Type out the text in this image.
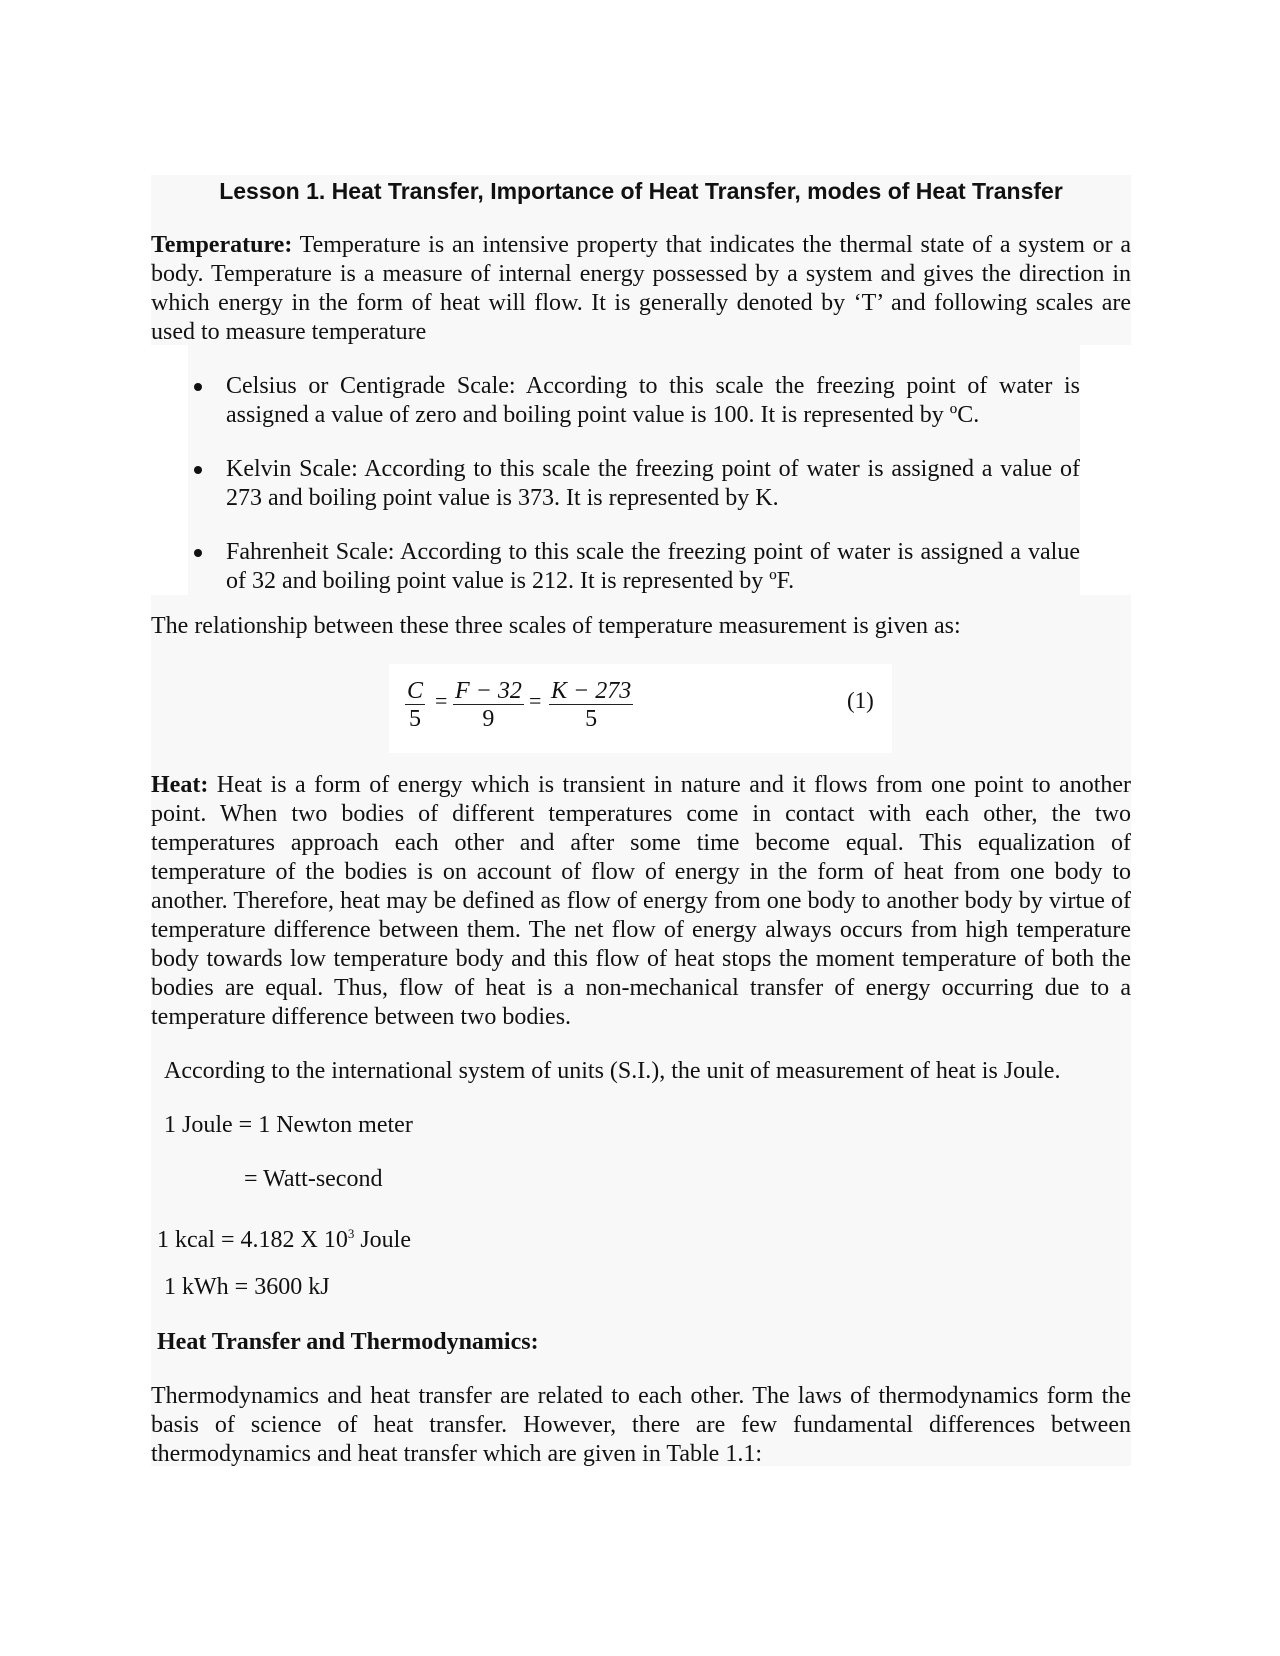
Lesson 1. Heat Transfer, Importance of Heat Transfer, modes of Heat Transfer
Temperature: Temperature is an intensive property that indicates the thermal state of a system or a body. Temperature is a measure of internal energy possessed by a system and gives the direction in which energy in the form of heat will flow. It is generally denoted by ‘T’ and following scales are used to measure temperature
Celsius or Centigrade Scale: According to this scale the freezing point of water is assigned a value of zero and boiling point value is 100. It is represented by ºC.
Kelvin Scale: According to this scale the freezing point of water is assigned a value of 273 and boiling point value is 373. It is represented by K.
Fahrenheit Scale: According to this scale the freezing point of water is assigned a value of 32 and boiling point value is 212. It is represented by ºF.
The relationship between these three scales of temperature measurement is given as:
$\frac{C}{5} = \frac{F - 32}{9} = \frac{K - 273}{5}$	(1)
Heat: Heat is a form of energy which is transient in nature and it flows from one point to another point. When two bodies of different temperatures come in contact with each other, the two temperatures approach each other and after some time become equal. This equalization of temperature of the bodies is on account of flow of energy in the form of heat from one body to another. Therefore, heat may be defined as flow of energy from one body to another body by virtue of temperature difference between them. The net flow of energy always occurs from high temperature body towards low temperature body and this flow of heat stops the moment temperature of both the bodies are equal. Thus, flow of heat is a non-mechanical transfer of energy occurring due to a temperature difference between two bodies.
According to the international system of units (S.I.), the unit of measurement of heat is Joule.
1 Joule = 1 Newton meter
= Watt-second
1 kcal = 4.182 X $10^3$ Joule
1 kWh = 3600 kJ
Heat Transfer and Thermodynamics:
Thermodynamics and heat transfer are related to each other. The laws of thermodynamics form the basis of science of heat transfer. However, there are few fundamental differences between thermodynamics and heat transfer which are given in Table 1.1:
